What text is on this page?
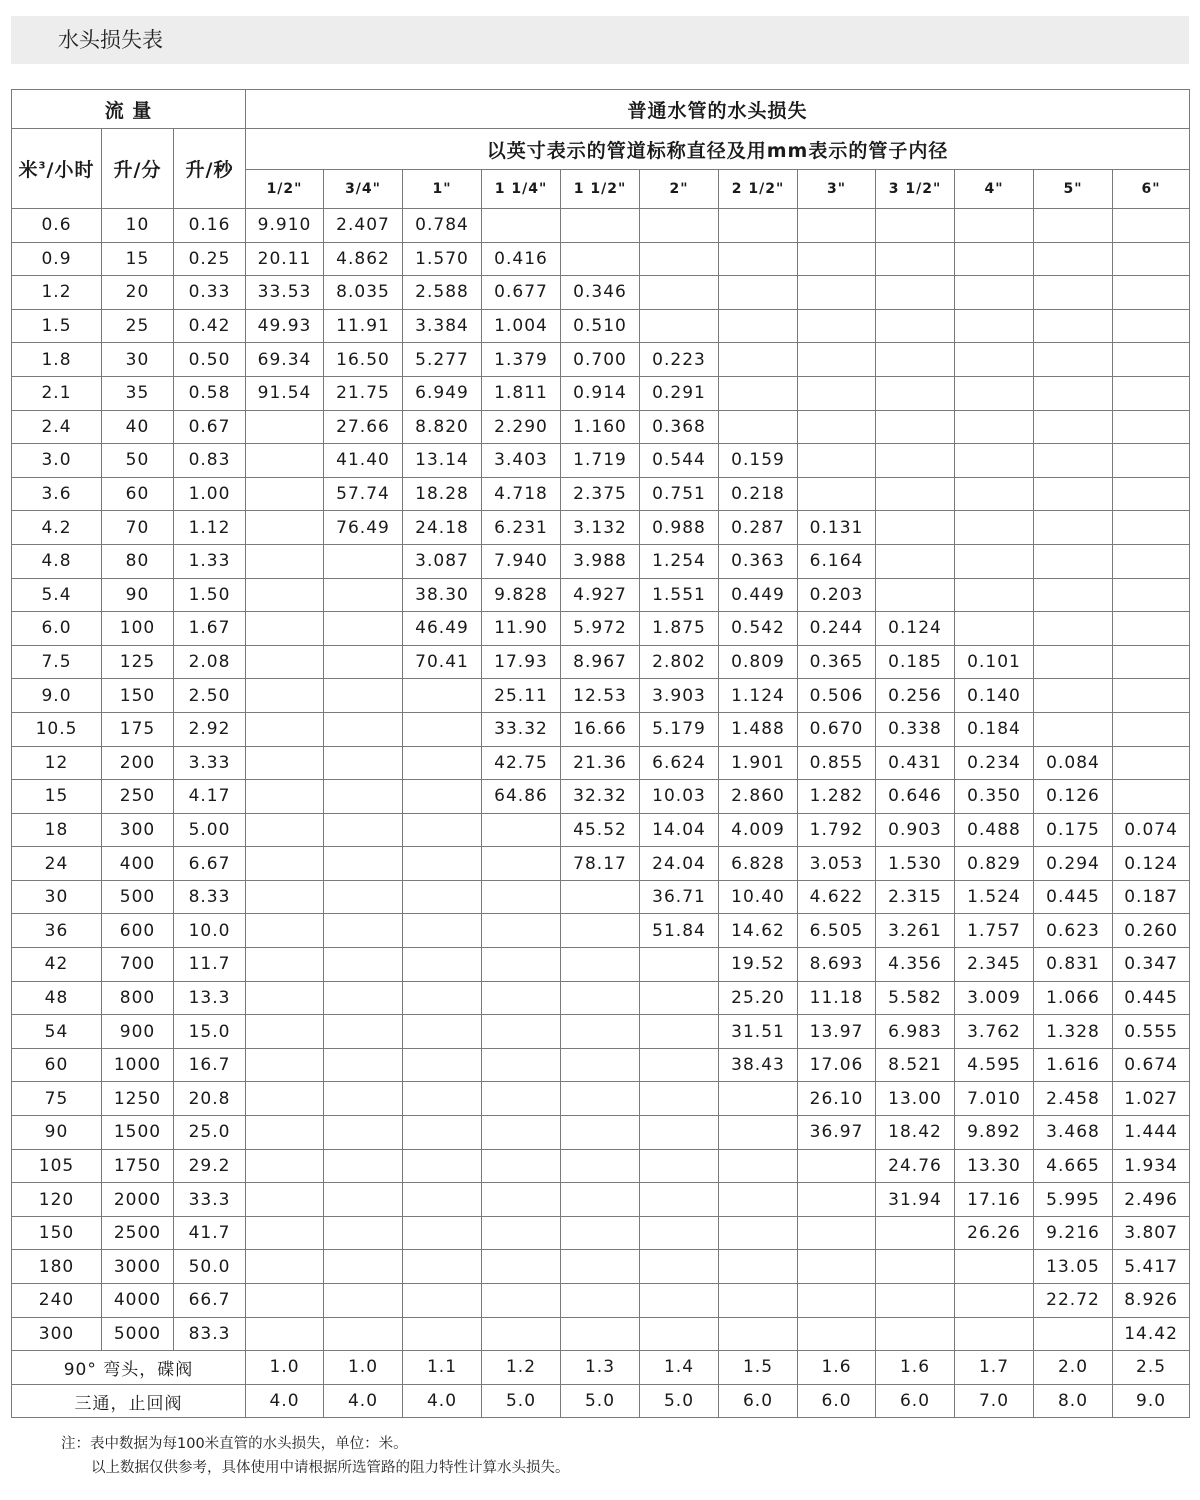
水头损失表
流 量			普通水管的水头损失											
米$^3$/小时	升/分	升/秒	以英寸表示的管道标称直径及用mm表示的管子内径											
			1/2"	3/4"	1"	1 1/4"	1 1/2"	2"	2 1/2"	3"	3 1/2"	4"	5"	6"
0.6	10	0.16	9.910	2.407	0.784									
0.9	15	0.25	20.11	4.862	1.570	0.416								
1.2	20	0.33	33.53	8.035	2.588	0.677	0.346							
1.5	25	0.42	49.93	11.91	3.384	1.004	0.510							
1.8	30	0.50	69.34	16.50	5.277	1.379	0.700	0.223						
2.1	35	0.58	91.54	21.75	6.949	1.811	0.914	0.291						
2.4	40	0.67		27.66	8.820	2.290	1.160	0.368						
3.0	50	0.83		41.40	13.14	3.403	1.719	0.544	0.159					
3.6	60	1.00		57.74	18.28	4.718	2.375	0.751	0.218					
4.2	70	1.12		76.49	24.18	6.231	3.132	0.988	0.287	0.131				
4.8	80	1.33			3.087	7.940	3.988	1.254	0.363	6.164				
5.4	90	1.50			38.30	9.828	4.927	1.551	0.449	0.203				
6.0	100	1.67			46.49	11.90	5.972	1.875	0.542	0.244	0.124			
7.5	125	2.08			70.41	17.93	8.967	2.802	0.809	0.365	0.185	0.101		
9.0	150	2.50				25.11	12.53	3.903	1.124	0.506	0.256	0.140		
10.5	175	2.92				33.32	16.66	5.179	1.488	0.670	0.338	0.184		
12	200	3.33				42.75	21.36	6.624	1.901	0.855	0.431	0.234	0.084	
15	250	4.17				64.86	32.32	10.03	2.860	1.282	0.646	0.350	0.126	
18	300	5.00					45.52	14.04	4.009	1.792	0.903	0.488	0.175	0.074
24	400	6.67					78.17	24.04	6.828	3.053	1.530	0.829	0.294	0.124
30	500	8.33						36.71	10.40	4.622	2.315	1.524	0.445	0.187
36	600	10.0						51.84	14.62	6.505	3.261	1.757	0.623	0.260
42	700	11.7							19.52	8.693	4.356	2.345	0.831	0.347
48	800	13.3							25.20	11.18	5.582	3.009	1.066	0.445
54	900	15.0							31.51	13.97	6.983	3.762	1.328	0.555
60	1000	16.7							38.43	17.06	8.521	4.595	1.616	0.674
75	1250	20.8								26.10	13.00	7.010	2.458	1.027
90	1500	25.0								36.97	18.42	9.892	3.468	1.444
105	1750	29.2									24.76	13.30	4.665	1.934
120	2000	33.3									31.94	17.16	5.995	2.496
150	2500	41.7										26.26	9.216	3.807
180	3000	50.0											13.05	5.417
240	4000	66.7											22.72	8.926
300	5000	83.3												14.42
90° 弯头，碟阀			1.0	1.0	1.1	1.2	1.3	1.4	1.5	1.6	1.6	1.7	2.0	2.5
三通，止回阀			4.0	4.0	4.0	5.0	5.0	5.0	6.0	6.0	6.0	7.0	8.0	9.0
注：表中数据为每100米直管的水头损失，单位：米。
以上数据仅供参考，具体使用中请根据所选管路的阻力特性计算水头损失。
